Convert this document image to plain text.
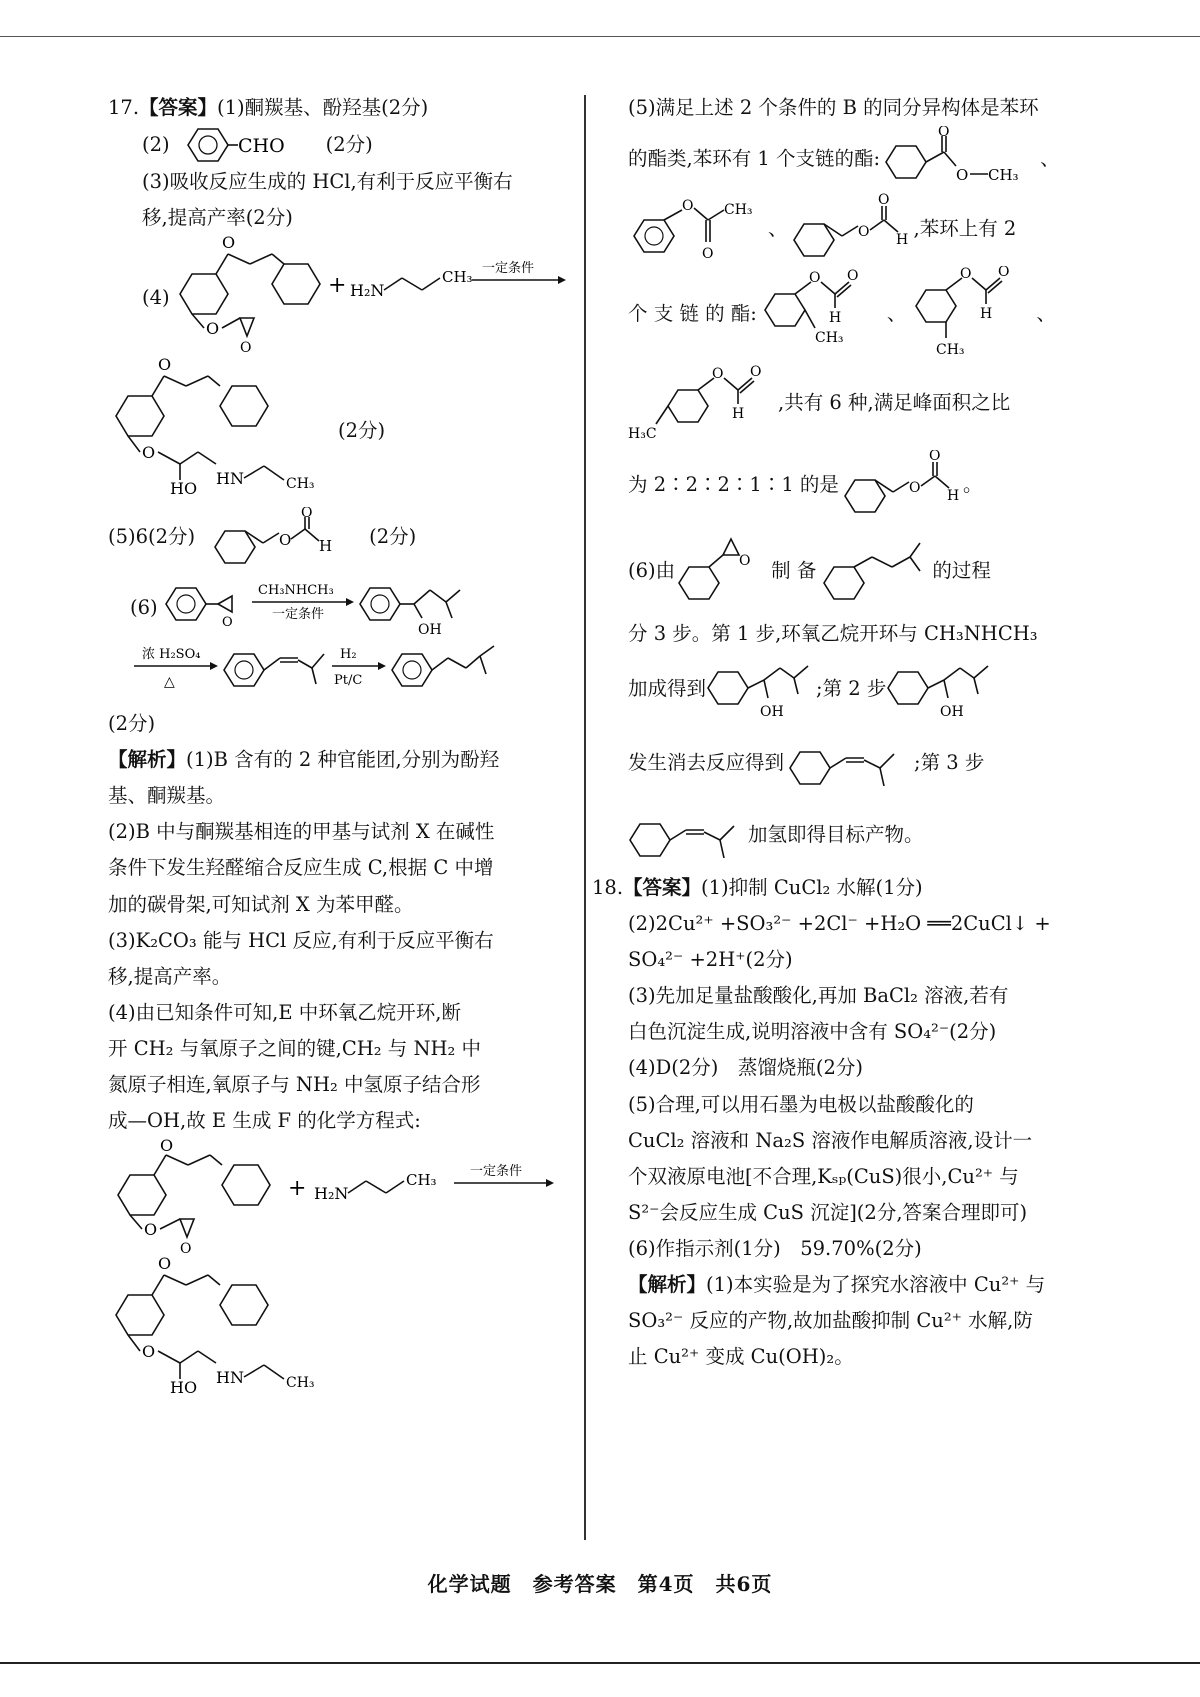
17.【答案】(1)酮羰基、酚羟基(2分)
(2)	CHO (2分)
(3)吸收反应生成的 HCl,有利于反应平衡右
移,提高产率(2分)
(4)
O
O
O
+ H₂N
CH₃ 一定条件
O
O
HO
HN	CH₃
(2分)
(5)6(2分)	O
O
H (2分)
(6)
O
CH₃NHCH₃
一定条件
OH
浓 H₂SO₄
△
H₂
Pt/C
(2分)
【解析】(1)B 含有的 2 种官能团,分别为酚羟
基、酮羰基。
(2)B 中与酮羰基相连的甲基与试剂 X 在碱性
条件下发生羟醛缩合反应生成 C,根据 C 中增
加的碳骨架,可知试剂 X 为苯甲醛。
(3)K₂CO₃ 能与 HCl 反应,有利于反应平衡右
移,提高产率。
(4)由已知条件可知,E 中环氧乙烷开环,断
开 CH₂ 与氧原子之间的键,CH₂ 与 NH₂ 中
氮原子相连,氧原子与 NH₂ 中氢原子结合形
成—OH,故 E 生成 F 的化学方程式:
O
O
O
+ H₂N
CH₃	一定条件
O
O
HO
HN	CH₃
(5)满足上述 2 个条件的 B 的同分异构体是苯环
的酯类,苯环有 1 个支链的酯:
O
O CH₃
、
O
O
CH₃
、	O
O
H
,苯环上有 2
个 支 链 的 酯:
O O
H
CH₃
、
O O
H
CH₃
、
O O
H
H₃C
,共有 6 种,满足峰面积之比
为 2∶2∶2∶1∶1 的是	O
O
H
。
(6)由	O 制 备	的过程
分 3 步。第 1 步,环氧乙烷开环与 CH₃NHCH₃
加成得到
OH
;第 2 步
OH
发生消去反应得到	;第 3 步
加氢即得目标产物。
18.【答案】(1)抑制 CuCl₂ 水解(1分)
(2)2Cu²⁺ +SO₃²⁻ +2Cl⁻ +H₂O ══2CuCl↓ +
SO₄²⁻ +2H⁺(2分)
(3)先加足量盐酸酸化,再加 BaCl₂ 溶液,若有
白色沉淀生成,说明溶液中含有 SO₄²⁻(2分)
(4)D(2分)　蒸馏烧瓶(2分)
(5)合理,可以用石墨为电极以盐酸酸化的
CuCl₂ 溶液和 Na₂S 溶液作电解质溶液,设计一
个双液原电池[不合理,Kₛₚ(CuS)很小,Cu²⁺ 与
S²⁻会反应生成 CuS 沉淀](2分,答案合理即可)
(6)作指示剂(1分)　59.70%(2分)
【解析】(1)本实验是为了探究水溶液中 Cu²⁺ 与
SO₃²⁻ 反应的产物,故加盐酸抑制 Cu²⁺ 水解,防
止 Cu²⁺ 变成 Cu(OH)₂。
化学试题　参考答案　第4页　共6页
